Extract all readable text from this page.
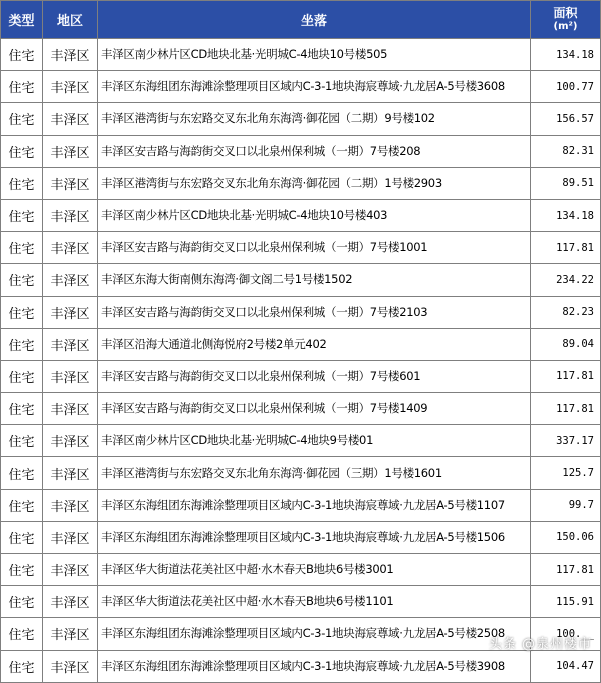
类型	地区	坐落	面积
(m²)

住宅	丰泽区	丰泽区南少林片区CD地块北基·光明城C-4地块10号楼505	134.18
住宅	丰泽区	丰泽区东海组团东海滩涂整理项目区域内C-3-1地块海宸尊域·九龙居A-5号楼3608	100.77
住宅	丰泽区	丰泽区港湾街与东宏路交叉东北角东海湾·御花园（二期）9号楼102	156.57
住宅	丰泽区	丰泽区安吉路与海韵街交叉口以北泉州保利城（一期）7号楼208	82.31
住宅	丰泽区	丰泽区港湾街与东宏路交叉东北角东海湾·御花园（二期）1号楼2903	89.51
住宅	丰泽区	丰泽区南少林片区CD地块北基·光明城C-4地块10号楼403	134.18
住宅	丰泽区	丰泽区安吉路与海韵街交叉口以北泉州保利城（一期）7号楼1001	117.81
住宅	丰泽区	丰泽区东海大街南侧东海湾·御文阁二号1号楼1502	234.22
住宅	丰泽区	丰泽区安吉路与海韵街交叉口以北泉州保利城（一期）7号楼2103	82.23
住宅	丰泽区	丰泽区沿海大通道北侧海悦府2号楼2单元402	89.04
住宅	丰泽区	丰泽区安吉路与海韵街交叉口以北泉州保利城（一期）7号楼601	117.81
住宅	丰泽区	丰泽区安吉路与海韵街交叉口以北泉州保利城（一期）7号楼1409	117.81
住宅	丰泽区	丰泽区南少林片区CD地块北基·光明城C-4地块9号楼01	337.17
住宅	丰泽区	丰泽区港湾街与东宏路交叉东北角东海湾·御花园（三期）1号楼1601	125.7
住宅	丰泽区	丰泽区东海组团东海滩涂整理项目区域内C-3-1地块海宸尊域·九龙居A-5号楼1107	99.7
住宅	丰泽区	丰泽区东海组团东海滩涂整理项目区域内C-3-1地块海宸尊域·九龙居A-5号楼1506	150.06
住宅	丰泽区	丰泽区华大街道法花美社区中超·水木春天B地块6号楼3001	117.81
住宅	丰泽区	丰泽区华大街道法花美社区中超·水木春天B地块6号楼1101	115.91
住宅	丰泽区	丰泽区东海组团东海滩涂整理项目区域内C-3-1地块海宸尊域·九龙居A-5号楼2508	100.__
住宅	丰泽区	丰泽区东海组团东海滩涂整理项目区域内C-3-1地块海宸尊域·九龙居A-5号楼3908	104.47
头条 @泉州楼市
